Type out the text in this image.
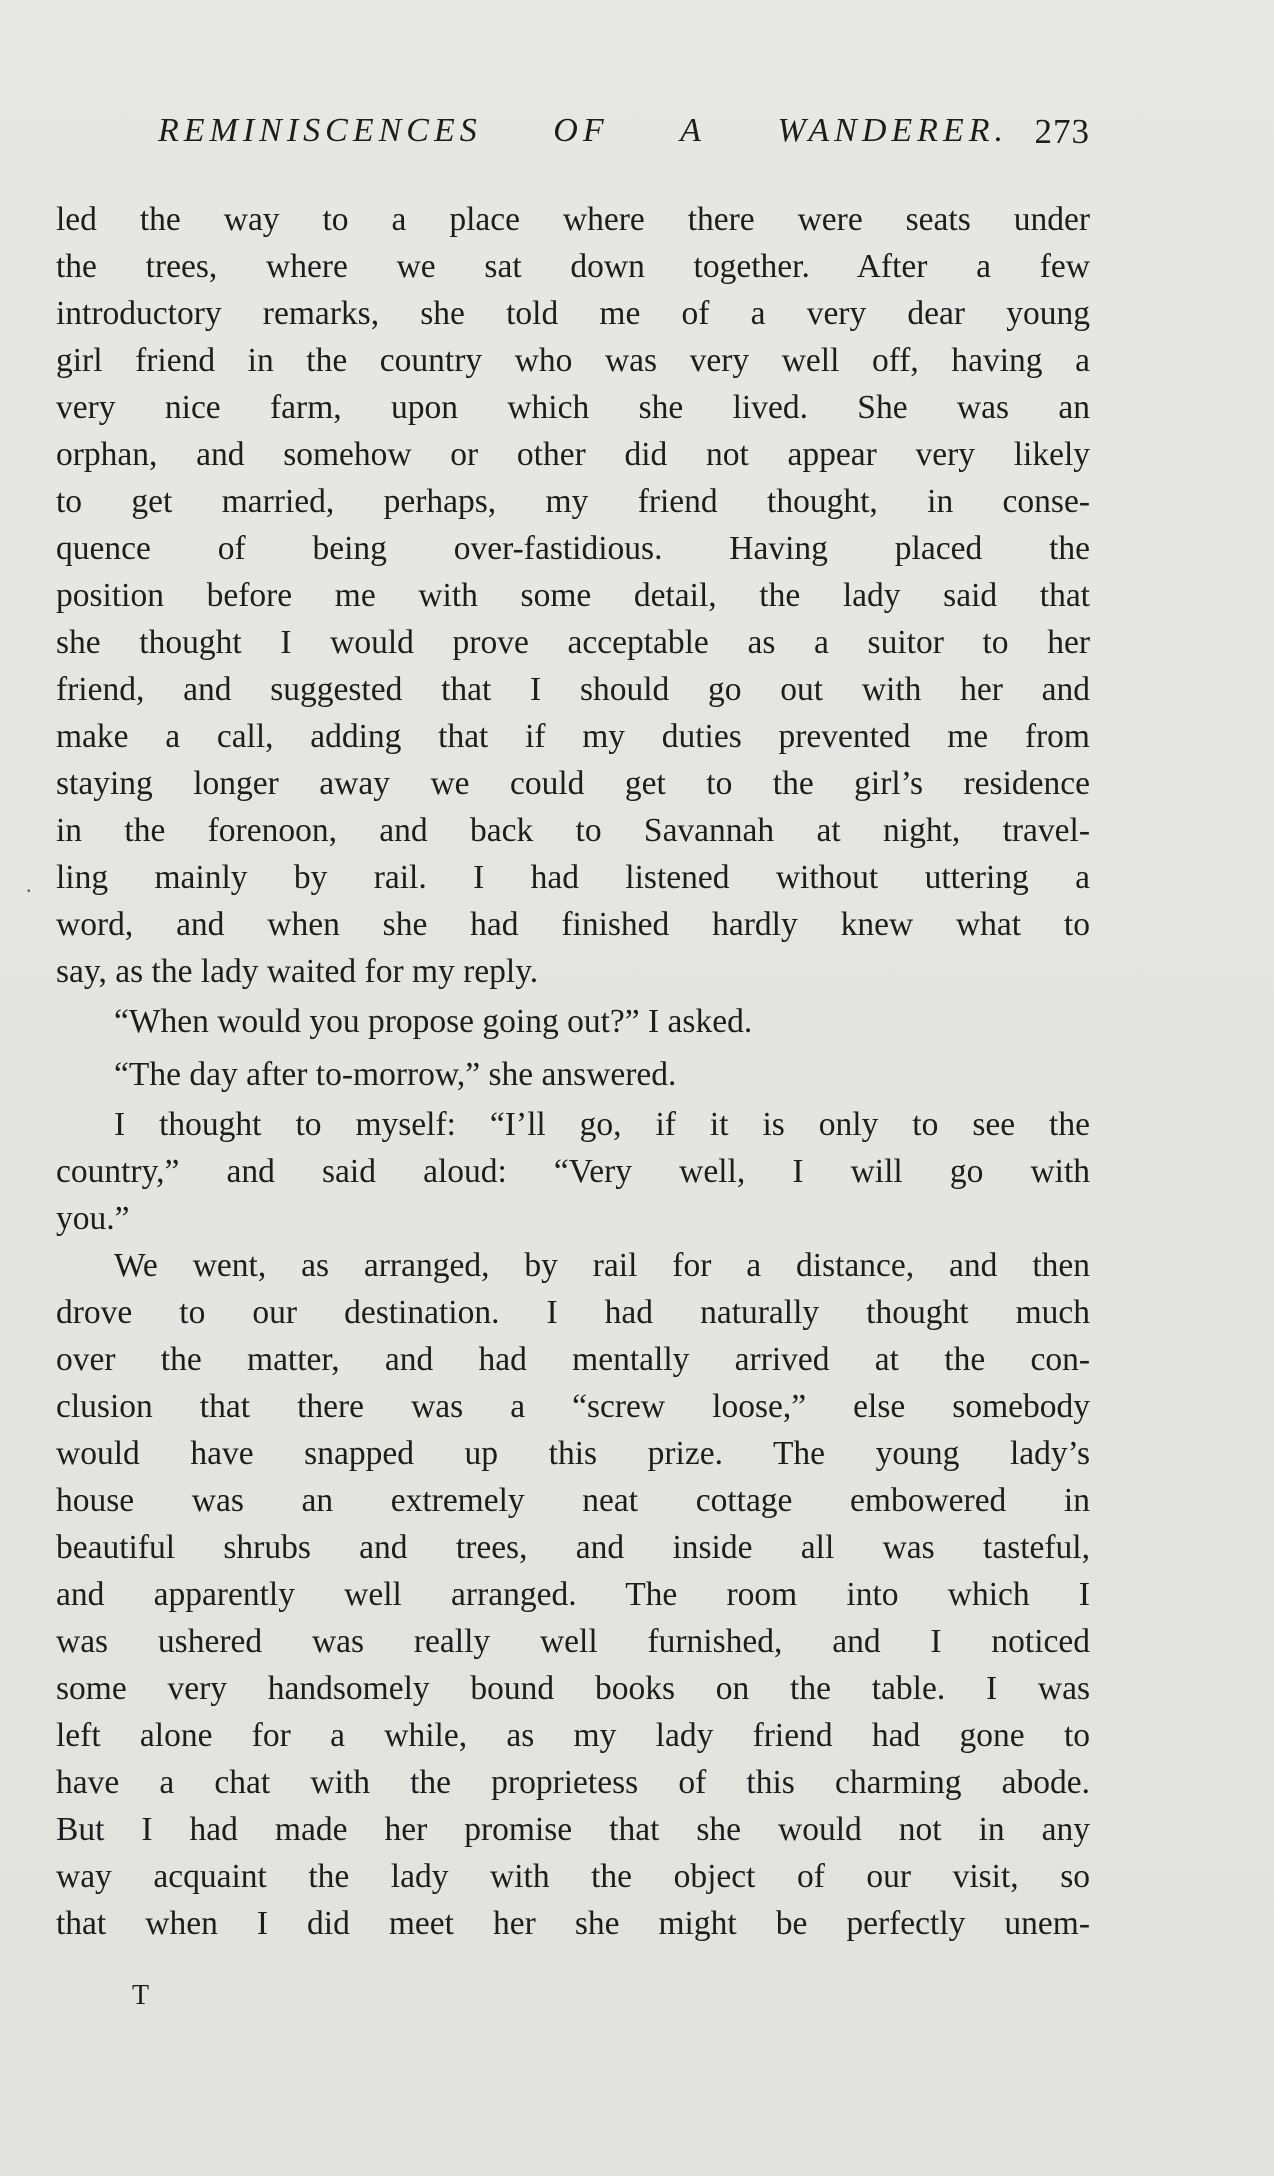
REMINISCENCES OF A WANDERER. 273
.
led the way to a place where there were seats under
the trees, where we sat down together. After a few
introductory remarks, she told me of a very dear young
girl friend in the country who was very well off, having a
very nice farm, upon which she lived. She was an
orphan, and somehow or other did not appear very likely
to get married, perhaps, my friend thought, in conse-
quence of being over-fastidious. Having placed the
position before me with some detail, the lady said that
she thought I would prove acceptable as a suitor to her
friend, and suggested that I should go out with her and
make a call, adding that if my duties prevented me from
staying longer away we could get to the girl’s residence
in the forenoon, and back to Savannah at night, travel-
ling mainly by rail. I had listened without uttering a
word, and when she had finished hardly knew what to
say, as the lady waited for my reply.
“When would you propose going out?” I asked.
“The day after to-morrow,” she answered.
I thought to myself: “I’ll go, if it is only to see the
country,” and said aloud: “Very well, I will go with
you.”
We went, as arranged, by rail for a distance, and then
drove to our destination. I had naturally thought much
over the matter, and had mentally arrived at the con-
clusion that there was a “screw loose,” else somebody
would have snapped up this prize. The young lady’s
house was an extremely neat cottage embowered in
beautiful shrubs and trees, and inside all was tasteful,
and apparently well arranged. The room into which I
was ushered was really well furnished, and I noticed
some very handsomely bound books on the table. I was
left alone for a while, as my lady friend had gone to
have a chat with the proprietess of this charming abode.
But I had made her promise that she would not in any
way acquaint the lady with the object of our visit, so
that when I did meet her she might be perfectly unem-
T
